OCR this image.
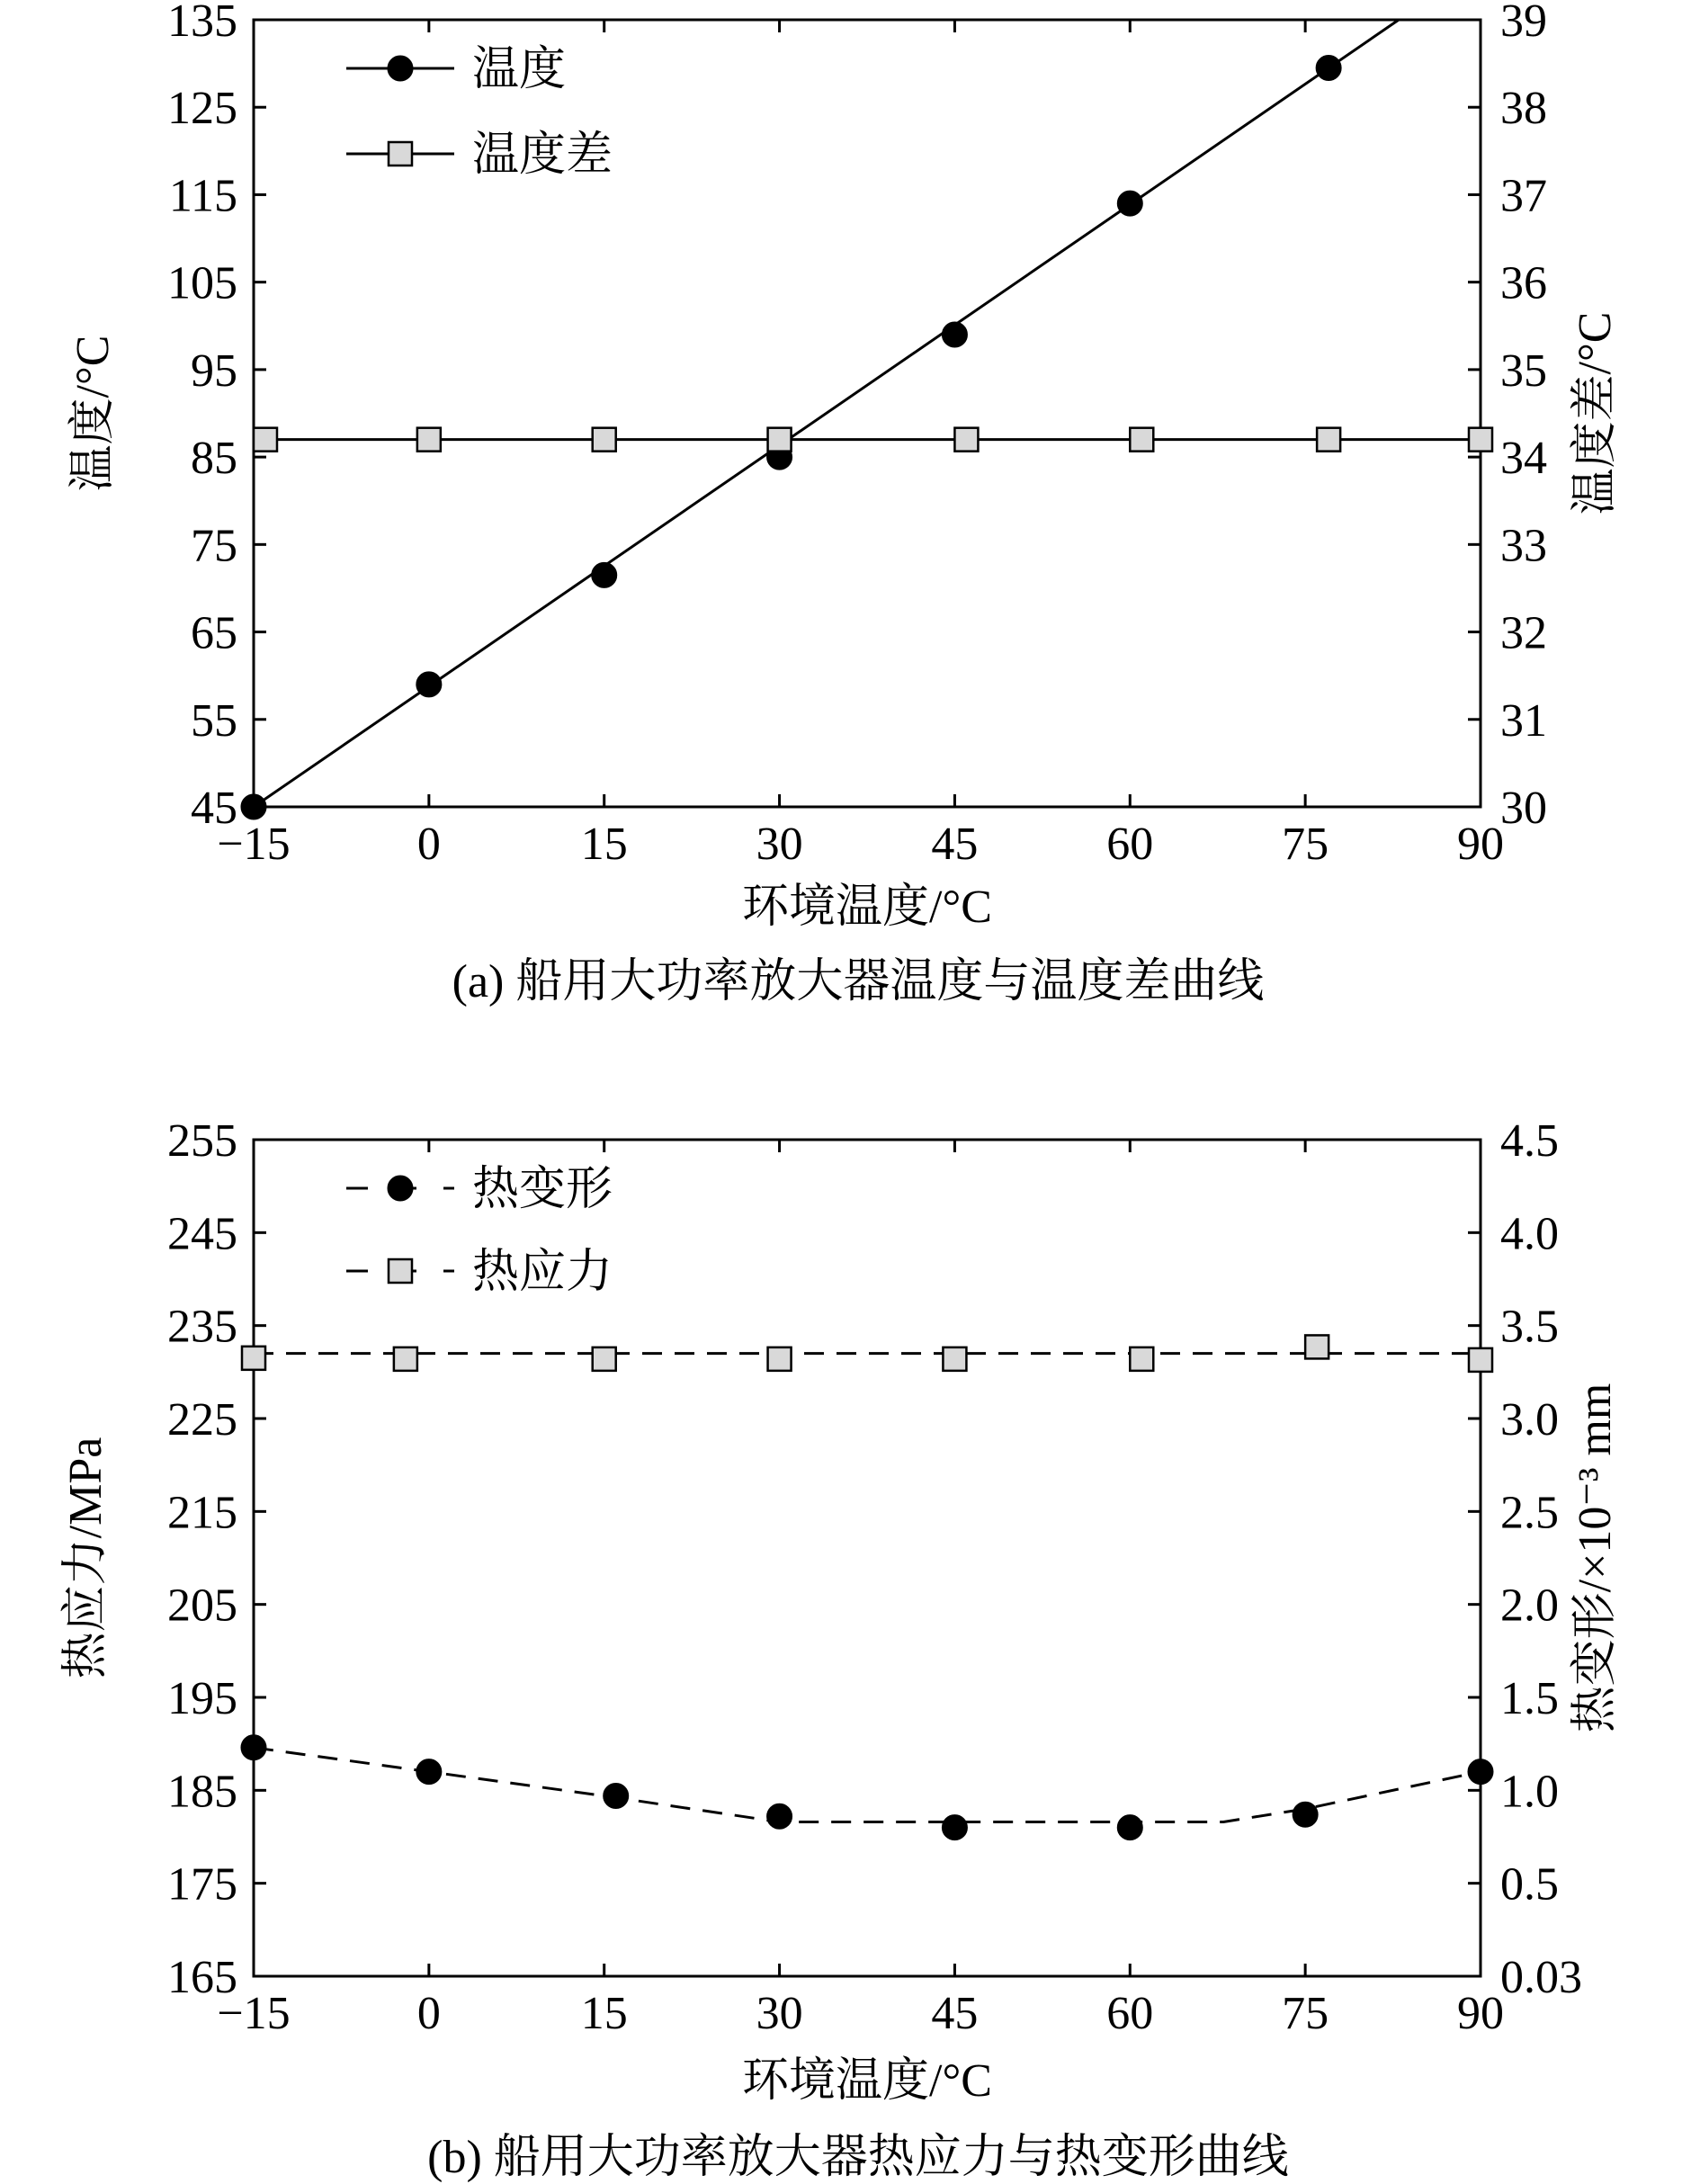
−15	0	15	30	45	60	75	90
45
55
65
75
85
95
105
115
125
135
30
31
32
33
34
35
36
37
38
39
温度
温度差
环境温度/°C
温度/°C	温度差/°C
(a) 船用大功率放大器温度与温度差曲线
−15	0	15	30	45	60	75	90
165
175
185
195
205
215
225
235
245
255
0.03
0.5
1.0
1.5
2.0
2.5
3.0
3.5
4.0
4.5
热变形
热应力
环境温度/°C
热应力/MPa	热变形/×10⁻³ mm
(b) 船用大功率放大器热应力与热变形曲线
